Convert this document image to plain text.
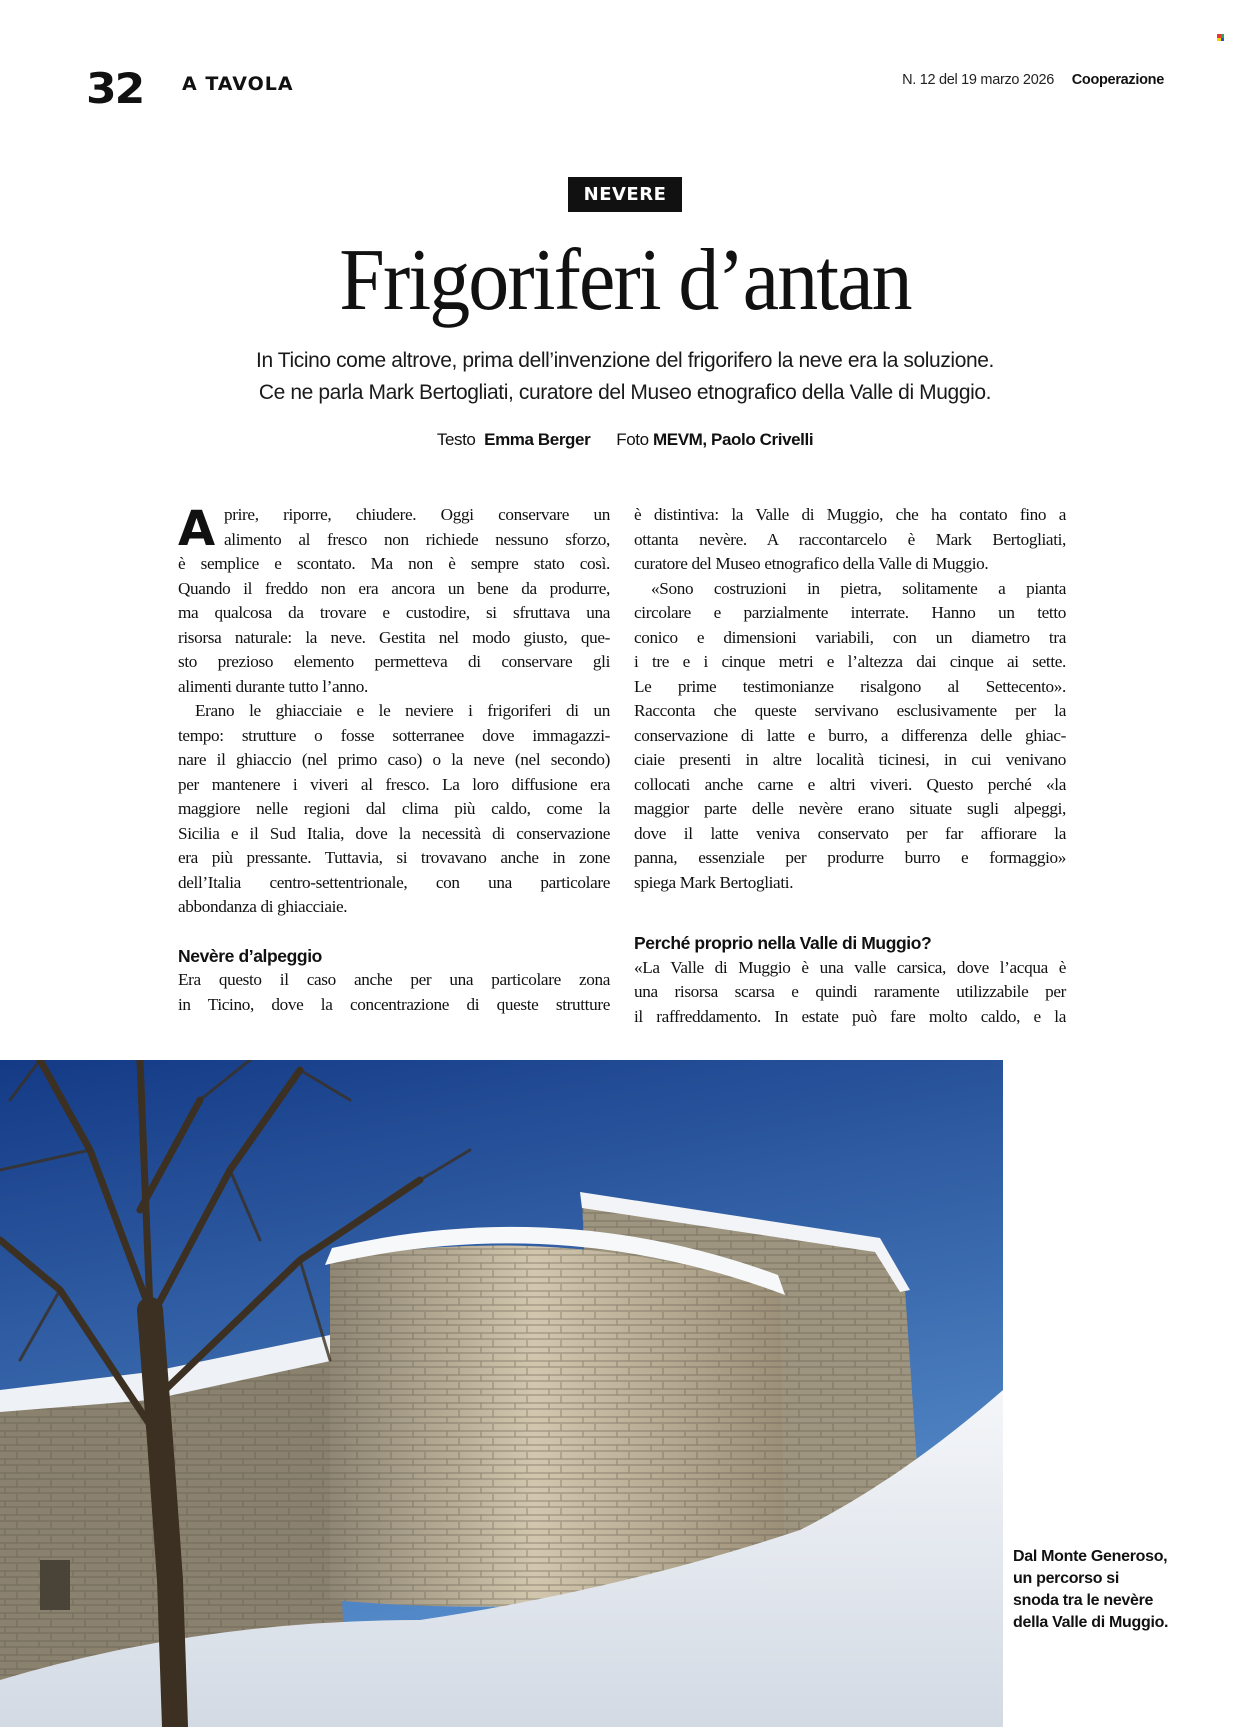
32 A TAVOLA	N. 12 del 19 marzo 2026 Cooperazione
NEVERE
Frigoriferi d’antan
In Ticino come altrove, prima dell’invenzione del frigorifero la neve era la soluzione.
Ce ne parla Mark Bertogliati, curatore del Museo etnografico della Valle di Muggio.
Testo Emma Berger Foto MEVM, Paolo Crivelli
A prire, riporre, chiudere. Oggi conservare un
alimento al fresco non richiede nessuno sforzo,
è semplice e scontato. Ma non è sempre stato così.
Quando il freddo non era ancora un bene da produrre,
ma qualcosa da trovare e custodire, si sfruttava una
risorsa naturale: la neve. Gestita nel modo giusto, que-
sto prezioso elemento permetteva di conservare gli
alimenti durante tutto l’anno.
Erano le ghiacciaie e le neviere i frigoriferi di un
tempo: strutture o fosse sotterranee dove immagazzi-
nare il ghiaccio (nel primo caso) o la neve (nel secondo)
per mantenere i viveri al fresco. La loro diffusione era
maggiore nelle regioni dal clima più caldo, come la
Sicilia e il Sud Italia, dove la necessità di conservazione
era più pressante. Tuttavia, si trovavano anche in zone
dell’Italia centro-settentrionale, con una particolare
abbondanza di ghiacciaie.
Nevère d’alpeggio
Era questo il caso anche per una particolare zona
in Ticino, dove la concentrazione di queste strutture
è distintiva: la Valle di Muggio, che ha contato fino a
ottanta nevère. A raccontarcelo è Mark Bertogliati,
curatore del Museo etnografico della Valle di Muggio.
«Sono costruzioni in pietra, solitamente a pianta
circolare e parzialmente interrate. Hanno un tetto
conico e dimensioni variabili, con un diametro tra
i tre e i cinque metri e l’altezza dai cinque ai sette.
Le prime testimonianze risalgono al Settecento».
Racconta che queste servivano esclusivamente per la
conservazione di latte e burro, a differenza delle ghiac-
ciaie presenti in altre località ticinesi, in cui venivano
collocati anche carne e altri viveri. Questo perché «la
maggior parte delle nevère erano situate sugli alpeggi,
dove il latte veniva conservato per far affiorare la
panna, essenziale per produrre burro e formaggio»
spiega Mark Bertogliati.
Perché proprio nella Valle di Muggio?
«La Valle di Muggio è una valle carsica, dove l’acqua è
una risorsa scarsa e quindi raramente utilizzabile per
il raffreddamento. In estate può fare molto caldo, e la
Dal Monte Generoso,
un percorso si
snoda tra le nevère
della Valle di Muggio.
